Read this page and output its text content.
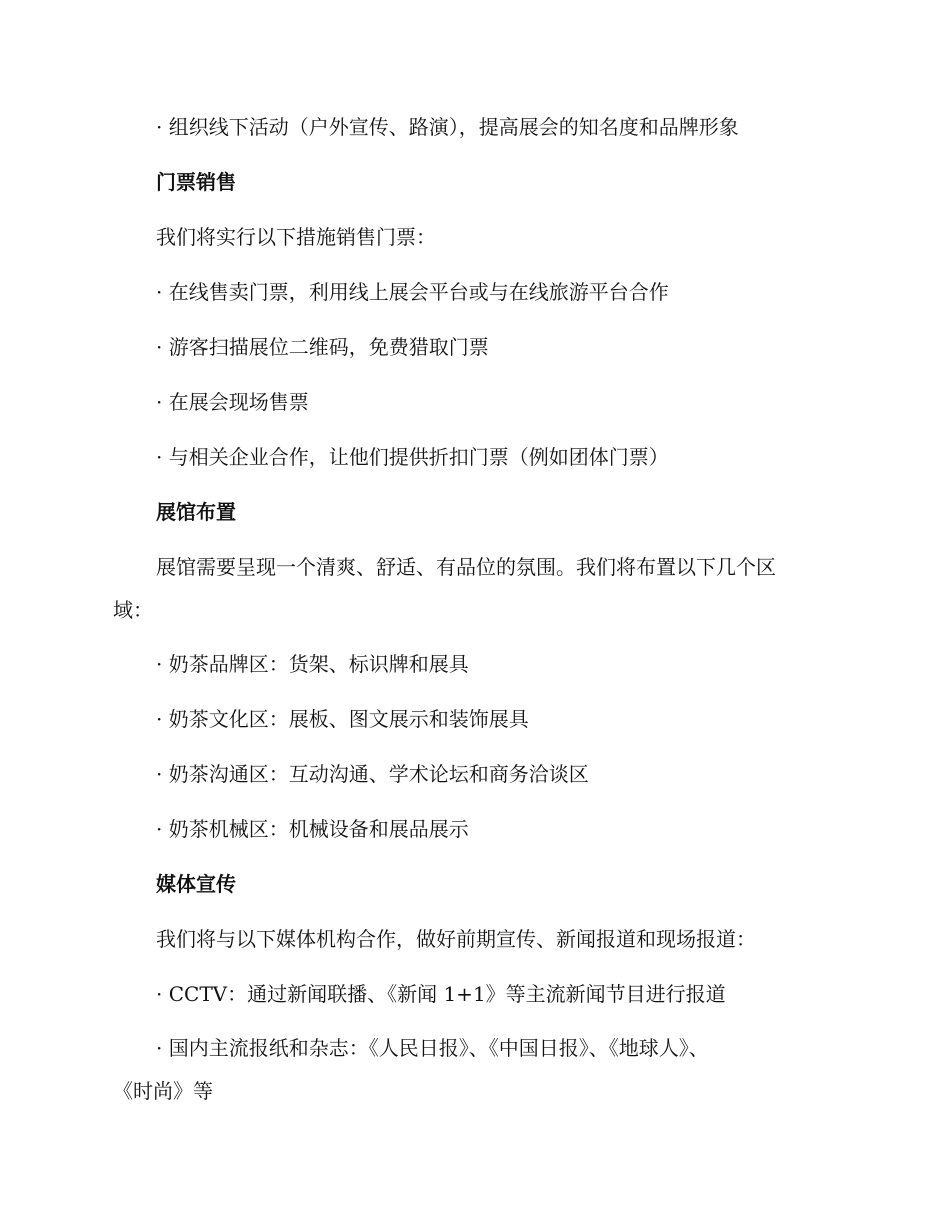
· 组织线下活动（户外宣传、路演），提高展会的知名度和品牌形象
门票销售
我们将实行以下措施销售门票：
· 在线售卖门票，利用线上展会平台或与在线旅游平台合作
· 游客扫描展位二维码，免费猎取门票
· 在展会现场售票
· 与相关企业合作，让他们提供折扣门票（例如团体门票）
展馆布置
展馆需要呈现一个清爽、舒适、有品位的氛围。我们将布置以下几个区
域：
· 奶茶品牌区：货架、标识牌和展具
· 奶茶文化区：展板、图文展示和装饰展具
· 奶茶沟通区：互动沟通、学术论坛和商务洽谈区
· 奶茶机械区：机械设备和展品展示
媒体宣传
我们将与以下媒体机构合作，做好前期宣传、新闻报道和现场报道：
· CCTV：通过新闻联播、《新闻 1+1》等主流新闻节目进行报道
· 国内主流报纸和杂志：《人民日报》、《中国日报》、《地球人》、
《时尚》等
